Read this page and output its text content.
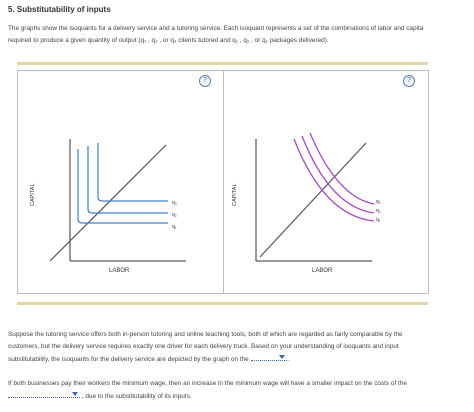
5. Substitutability of inputs
The graphs show the isoquants for a delivery service and a tutoring service. Each isoquant represents a set of the combinations of labor and capita
required to produce a given quantity of output (q₁ , q₂ , or q₃ clients tutored and q₁ , q₂ , or q₁ packages delivered).
?
q₃
q₂
q₁
CAPITAL
LABOR
?
q₃
q₂
q₁
CAPITAL
LABOR
Suppose the tutoring service offers both in-person tutoring and online teaching tools, both of which are regarded as fairly comparable by the
customers, but the delivery service requires exactly one driver for each delivery truck. Based on your understanding of isoquants and input
substitutability, the isoquants for the delivery service are depicted by the graph on the	.
If both businesses pay their workers the minimum wage, then an increase in the minimum wage will have a smaller impact on the costs of the
, due to the substitutability of its inputs.
